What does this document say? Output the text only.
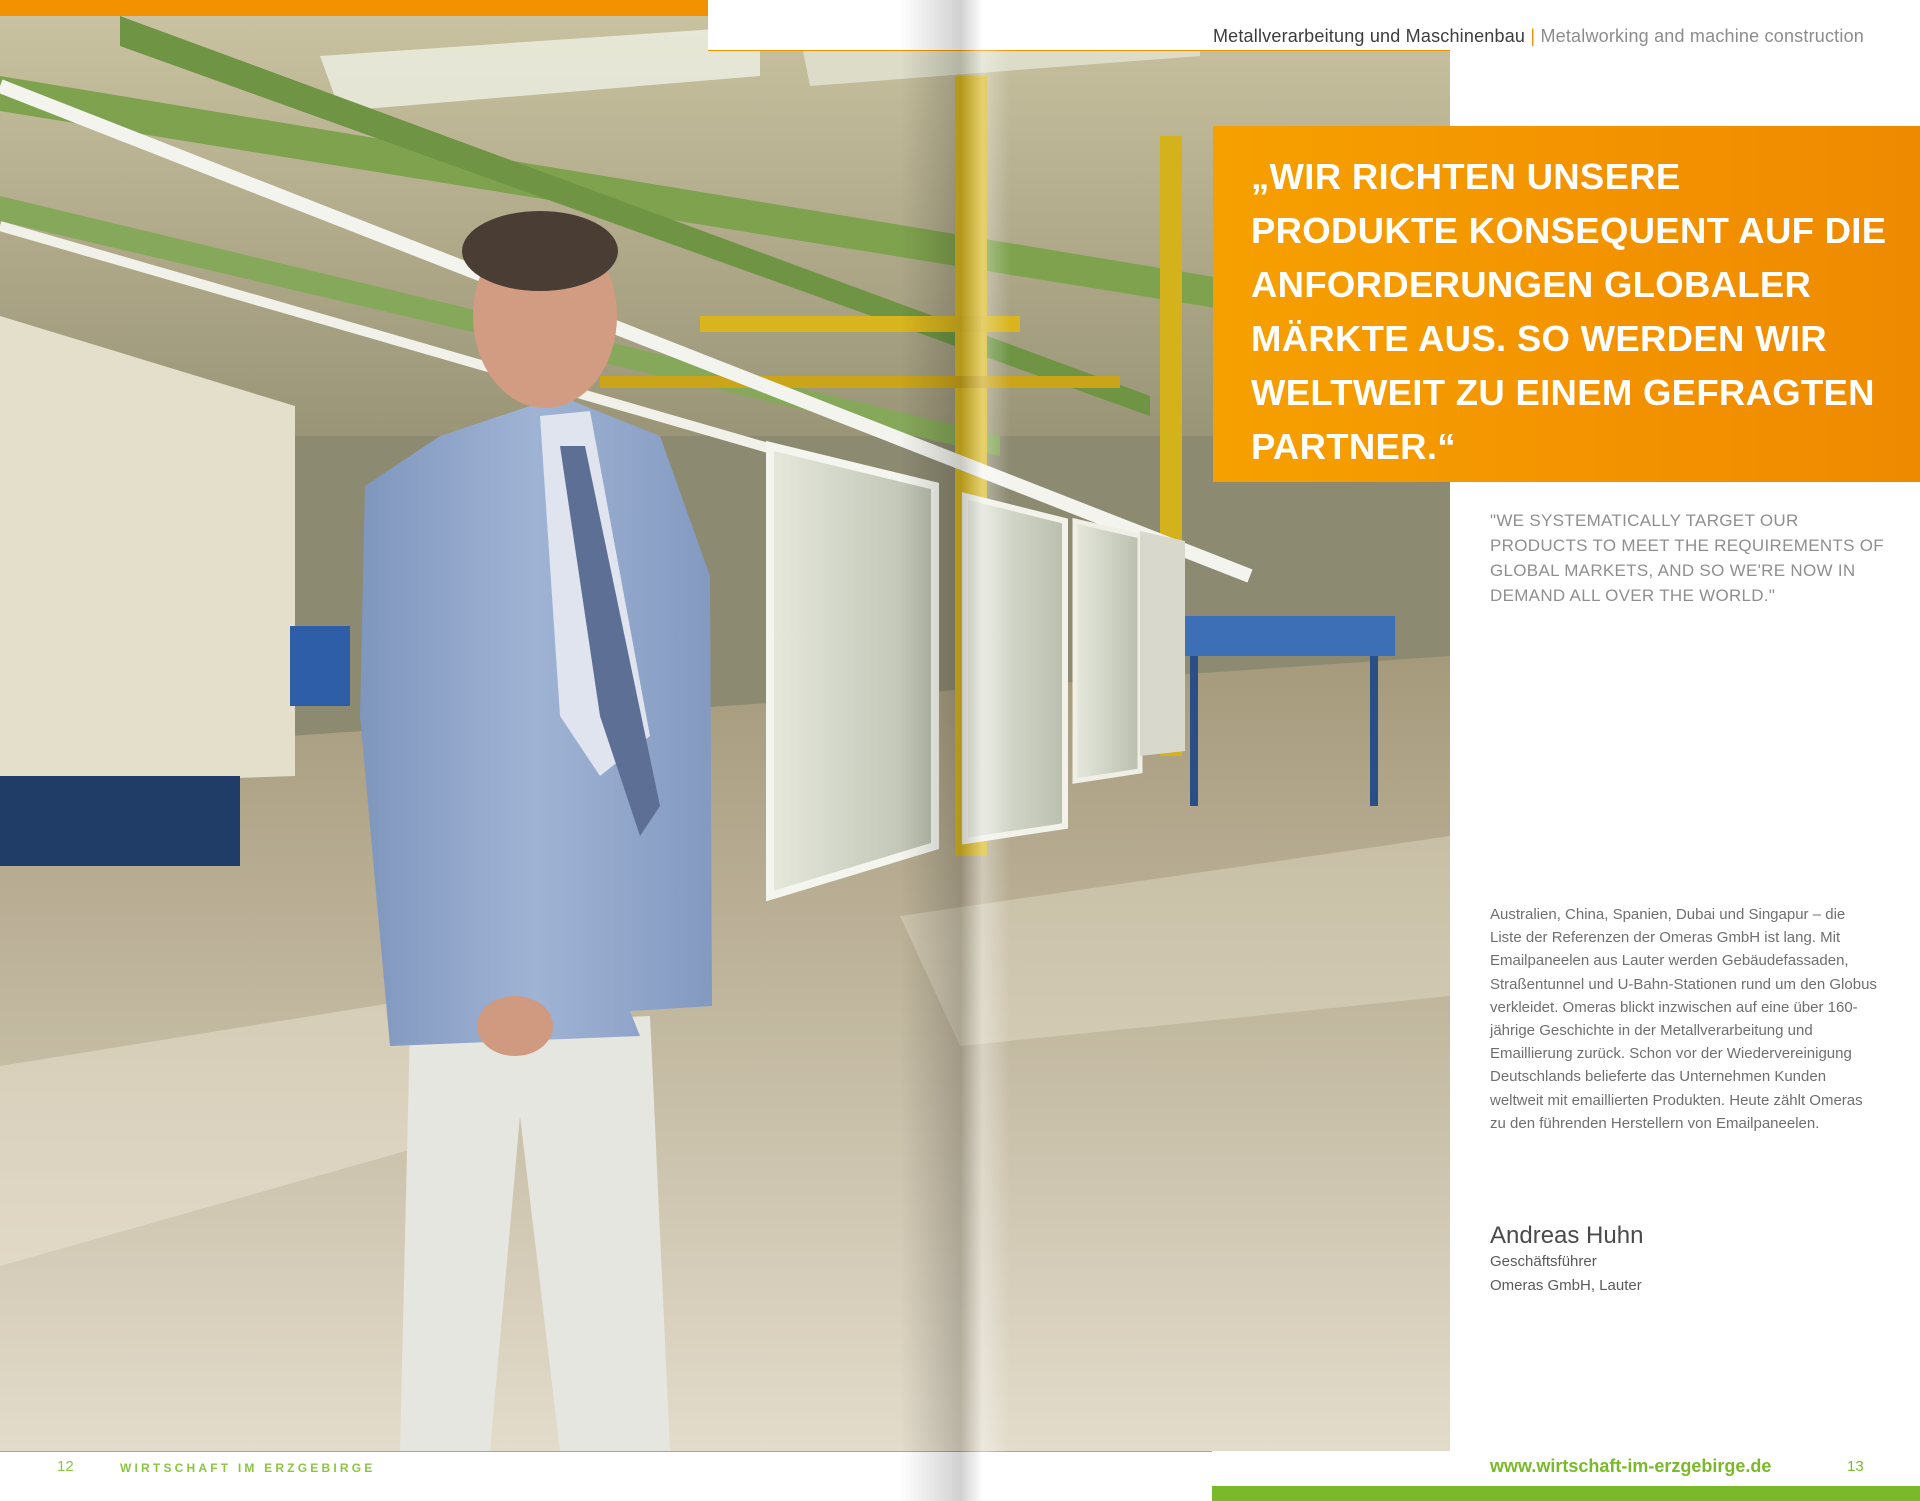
Metallverarbeitung und Maschinenbau | Metalworking and machine construction

„WIR RICHTEN UNSERE PRODUKTE KONSEQUENT AUF DIE ANFORDERUNGEN GLOBALER MÄRKTE AUS. SO WERDEN WIR WELTWEIT ZU EINEM GEFRAGTEN PARTNER.“

"WE SYSTEMATICALLY TARGET OUR PRODUCTS TO MEET THE REQUIREMENTS OF GLOBAL MARKETS, AND SO WE'RE NOW IN DEMAND ALL OVER THE WORLD."

Australien, China, Spanien, Dubai und Singapur – die Liste der Referenzen der Omeras GmbH ist lang. Mit Emailpaneelen aus Lauter werden Gebäudefassaden, Straßentunnel und U-Bahn-Stationen rund um den Globus verkleidet. Omeras blickt inzwischen auf eine über 160-jährige Geschichte in der Metallverarbeitung und Emaillierung zurück. Schon vor der Wiedervereinigung Deutschlands belieferte das Unternehmen Kunden weltweit mit emaillierten Produkten. Heute zählt Omeras zu den führenden Herstellern von Emailpaneelen.

Andreas Huhn

Geschäftsführer

Omeras GmbH, Lauter

12	WIRTSCHAFT IM ERZGEBIRGE	www.wirtschaft-im-erzgebirge.de	13
